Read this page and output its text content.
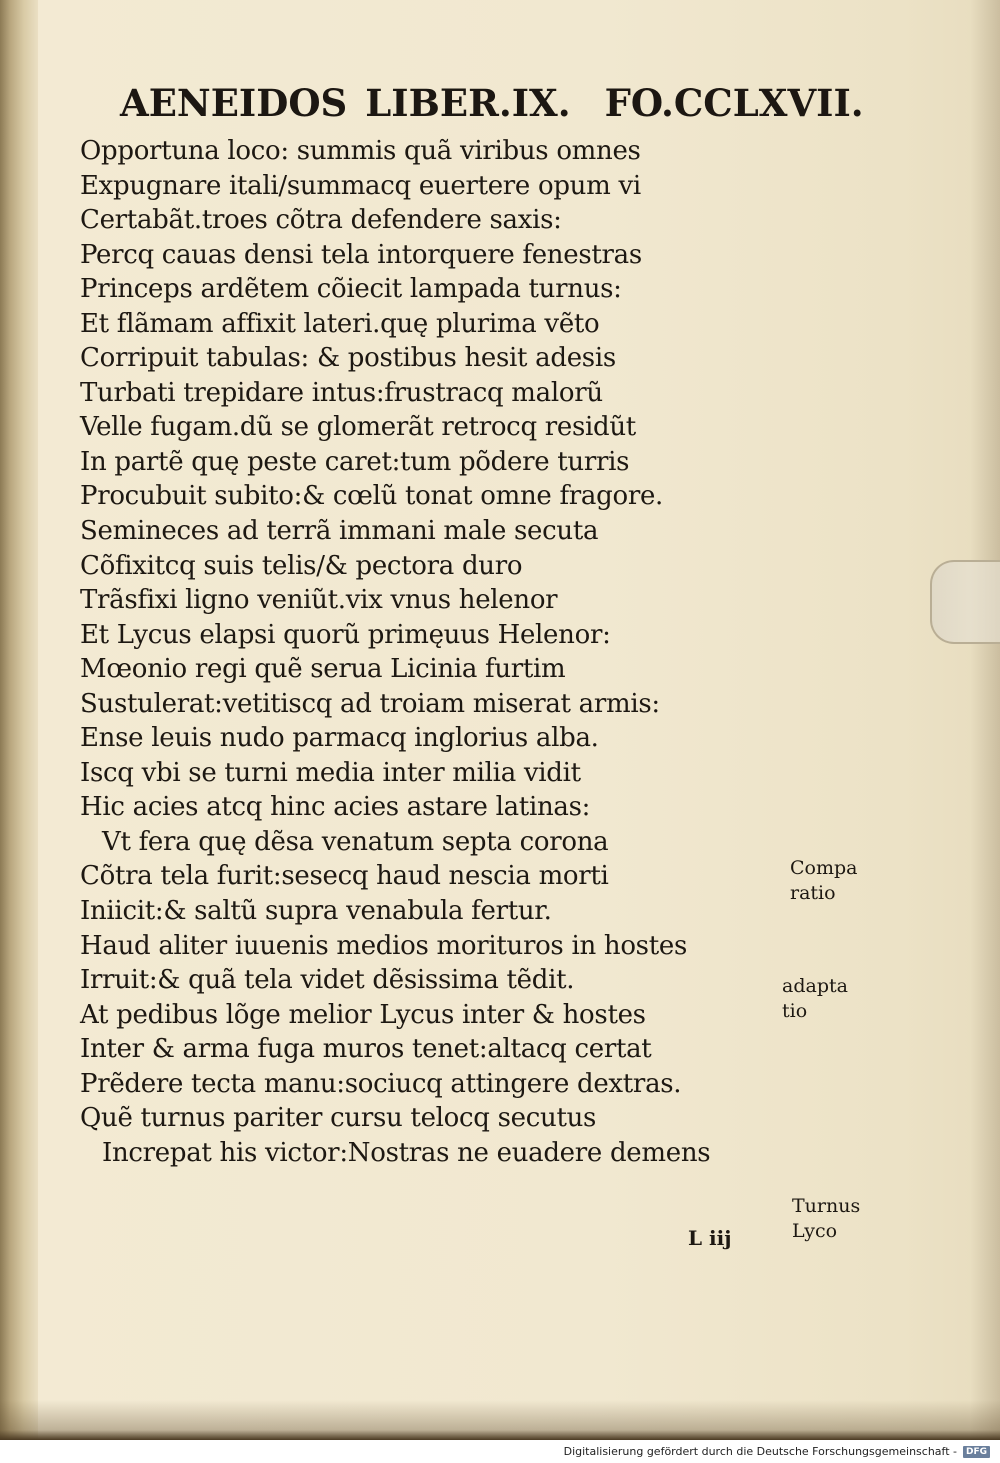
AENEIDOS LIBER.IX. FO.CCLXVII.
Opportuna loco: summis quã viribus omnes
Expugnare itali/summacq euertere opum vi
Certabãt.troes cõtra defendere saxis:
Percq cauas densi tela intorquere fenestras
Princeps ardẽtem cõiecit lampada turnus:
Et flãmam affixit lateri.quę plurima vẽto
Corripuit tabulas: & postibus hesit adesis
Turbati trepidare intus:frustracq malorũ
Velle fugam.dũ se glomerãt retrocq residũt
In partẽ quę peste caret:tum põdere turris
Procubuit subito:& cœlũ tonat omne fragore.
Semineces ad terrã immani male secuta
Cõfixitcq suis telis/& pectora duro
Trãsfixi ligno veniũt.vix vnus helenor
Et Lycus elapsi quorũ primęuus Helenor:
Mœonio regi quẽ serua Licinia furtim
Sustulerat:vetitiscq ad troiam miserat armis:
Ense leuis nudo parmacq inglorius alba.
Iscq vbi se turni media inter milia vidit
Hic acies atcq hinc acies astare latinas:
Vt fera quę dẽsa venatum septa corona
Cõtra tela furit:sesecq haud nescia morti
Iniicit:& saltũ supra venabula fertur.
Haud aliter iuuenis medios morituros in hostes
Irruit:& quã tela videt dẽsissima tẽdit.
At pedibus lõge melior Lycus inter & hostes
Inter & arma fuga muros tenet:altacq certat
Prẽdere tecta manu:sociucq attingere dextras.
Quẽ turnus pariter cursu telocq secutus
Increpat his victor:Nostras ne euadere demens
Compa
ratio
adapta
tio
Turnus
Lyco
L iij
Digitalisierung gefördert durch die Deutsche Forschungsgemeinschaft -	DFG
